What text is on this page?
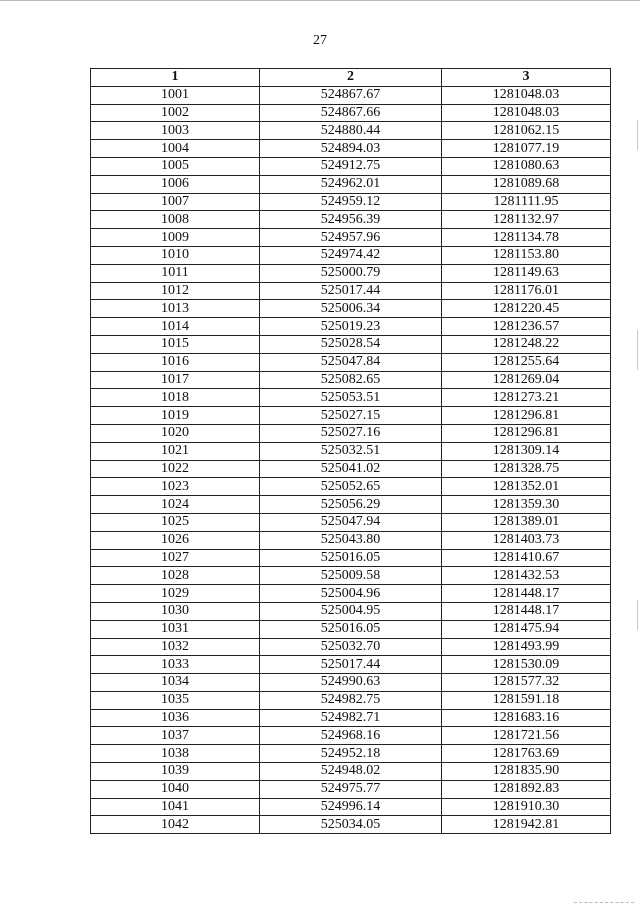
27
1	2	3
1001	524867.67	1281048.03
1002	524867.66	1281048.03
1003	524880.44	1281062.15
1004	524894.03	1281077.19
1005	524912.75	1281080.63
1006	524962.01	1281089.68
1007	524959.12	1281111.95
1008	524956.39	1281132.97
1009	524957.96	1281134.78
1010	524974.42	1281153.80
1011	525000.79	1281149.63
1012	525017.44	1281176.01
1013	525006.34	1281220.45
1014	525019.23	1281236.57
1015	525028.54	1281248.22
1016	525047.84	1281255.64
1017	525082.65	1281269.04
1018	525053.51	1281273.21
1019	525027.15	1281296.81
1020	525027.16	1281296.81
1021	525032.51	1281309.14
1022	525041.02	1281328.75
1023	525052.65	1281352.01
1024	525056.29	1281359.30
1025	525047.94	1281389.01
1026	525043.80	1281403.73
1027	525016.05	1281410.67
1028	525009.58	1281432.53
1029	525004.96	1281448.17
1030	525004.95	1281448.17
1031	525016.05	1281475.94
1032	525032.70	1281493.99
1033	525017.44	1281530.09
1034	524990.63	1281577.32
1035	524982.75	1281591.18
1036	524982.71	1281683.16
1037	524968.16	1281721.56
1038	524952.18	1281763.69
1039	524948.02	1281835.90
1040	524975.77	1281892.83
1041	524996.14	1281910.30
1042	525034.05	1281942.81
